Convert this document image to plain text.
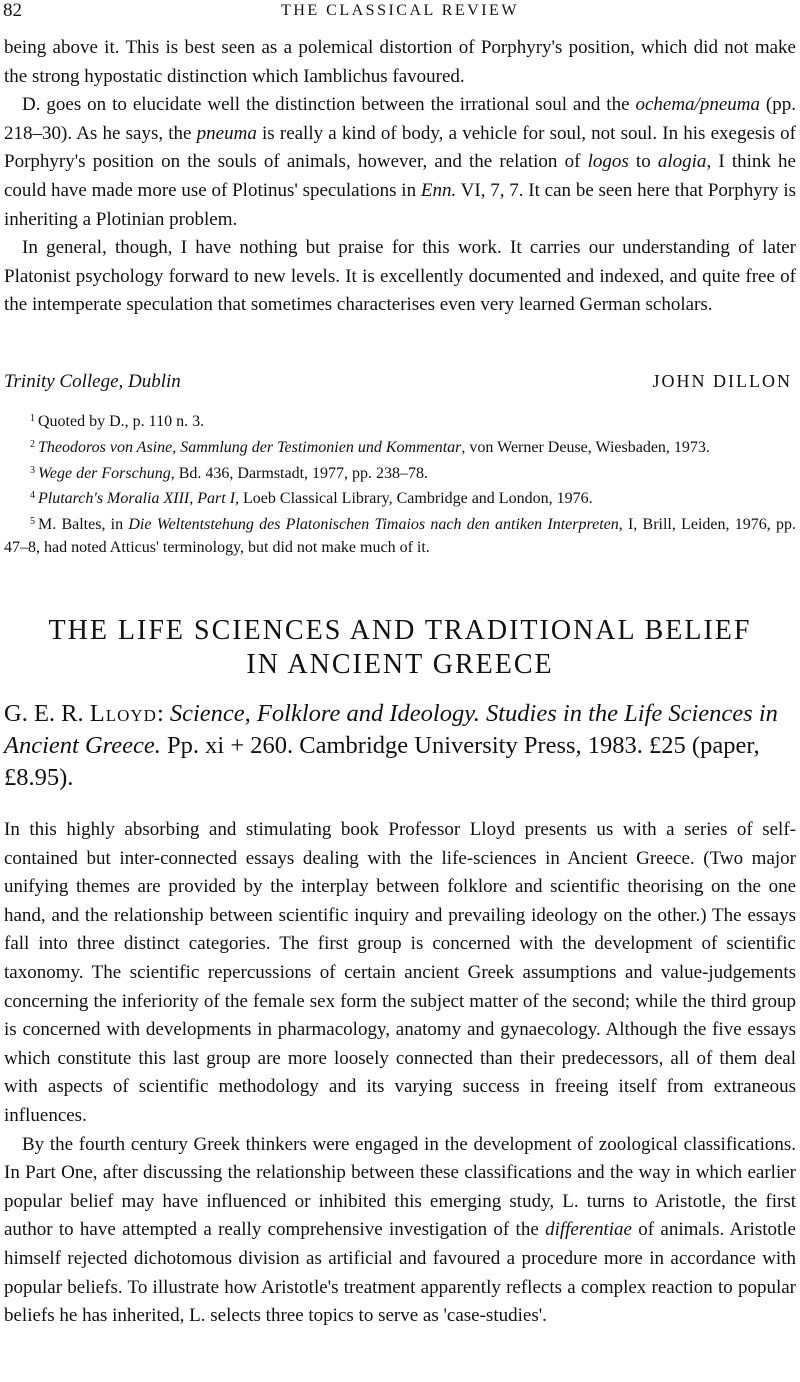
82	THE CLASSICAL REVIEW

being above it. This is best seen as a polemical distortion of Porphyry's position, which did not make the strong hypostatic distinction which Iamblichus favoured.

D. goes on to elucidate well the distinction between the irrational soul and the ochema/pneuma (pp. 218–30). As he says, the pneuma is really a kind of body, a vehicle for soul, not soul. In his exegesis of Porphyry's position on the souls of animals, however, and the relation of logos to alogia, I think he could have made more use of Plotinus' speculations in Enn. VI, 7, 7. It can be seen here that Porphyry is inheriting a Plotinian problem.

In general, though, I have nothing but praise for this work. It carries our understanding of later Platonist psychology forward to new levels. It is excellently documented and indexed, and quite free of the intemperate speculation that sometimes characterises even very learned German scholars.

Trinity College, Dublin	JOHN DILLON

$^1$ Quoted by D., p. 110 n. 3.

$^2$ Theodoros von Asine, Sammlung der Testimonien und Kommentar, von Werner Deuse, Wiesbaden, 1973.

$^3$ Wege der Forschung, Bd. 436, Darmstadt, 1977, pp. 238–78.

$^4$ Plutarch's Moralia XIII, Part I, Loeb Classical Library, Cambridge and London, 1976.

$^5$ M. Baltes, in Die Weltentstehung des Platonischen Timaios nach den antiken Interpreten, I, Brill, Leiden, 1976, pp. 47–8, had noted Atticus' terminology, but did not make much of it.

THE LIFE SCIENCES AND TRADITIONAL BELIEF
IN ANCIENT GREECE

G. E. R. Lloyd: Science, Folklore and Ideology. Studies in the Life Sciences in Ancient Greece. Pp. xi + 260. Cambridge University Press, 1983. £25 (paper, £8.95).

In this highly absorbing and stimulating book Professor Lloyd presents us with a series of self-contained but inter-connected essays dealing with the life-sciences in Ancient Greece. (Two major unifying themes are provided by the interplay between folklore and scientific theorising on the one hand, and the relationship between scientific inquiry and prevailing ideology on the other.) The essays fall into three distinct categories. The first group is concerned with the development of scientific taxonomy. The scientific repercussions of certain ancient Greek assumptions and value-judgements concerning the inferiority of the female sex form the subject matter of the second; while the third group is concerned with developments in pharmacology, anatomy and gynaecology. Although the five essays which constitute this last group are more loosely connected than their predecessors, all of them deal with aspects of scientific methodology and its varying success in freeing itself from extraneous influences.

By the fourth century Greek thinkers were engaged in the development of zoological classifications. In Part One, after discussing the relationship between these classifications and the way in which earlier popular belief may have influenced or inhibited this emerging study, L. turns to Aristotle, the first author to have attempted a really comprehensive investigation of the differentiae of animals. Aristotle himself rejected dichotomous division as artificial and favoured a procedure more in accordance with popular beliefs. To illustrate how Aristotle's treatment apparently reflects a complex reaction to popular beliefs he has inherited, L. selects three topics to serve as 'case-studies'.
